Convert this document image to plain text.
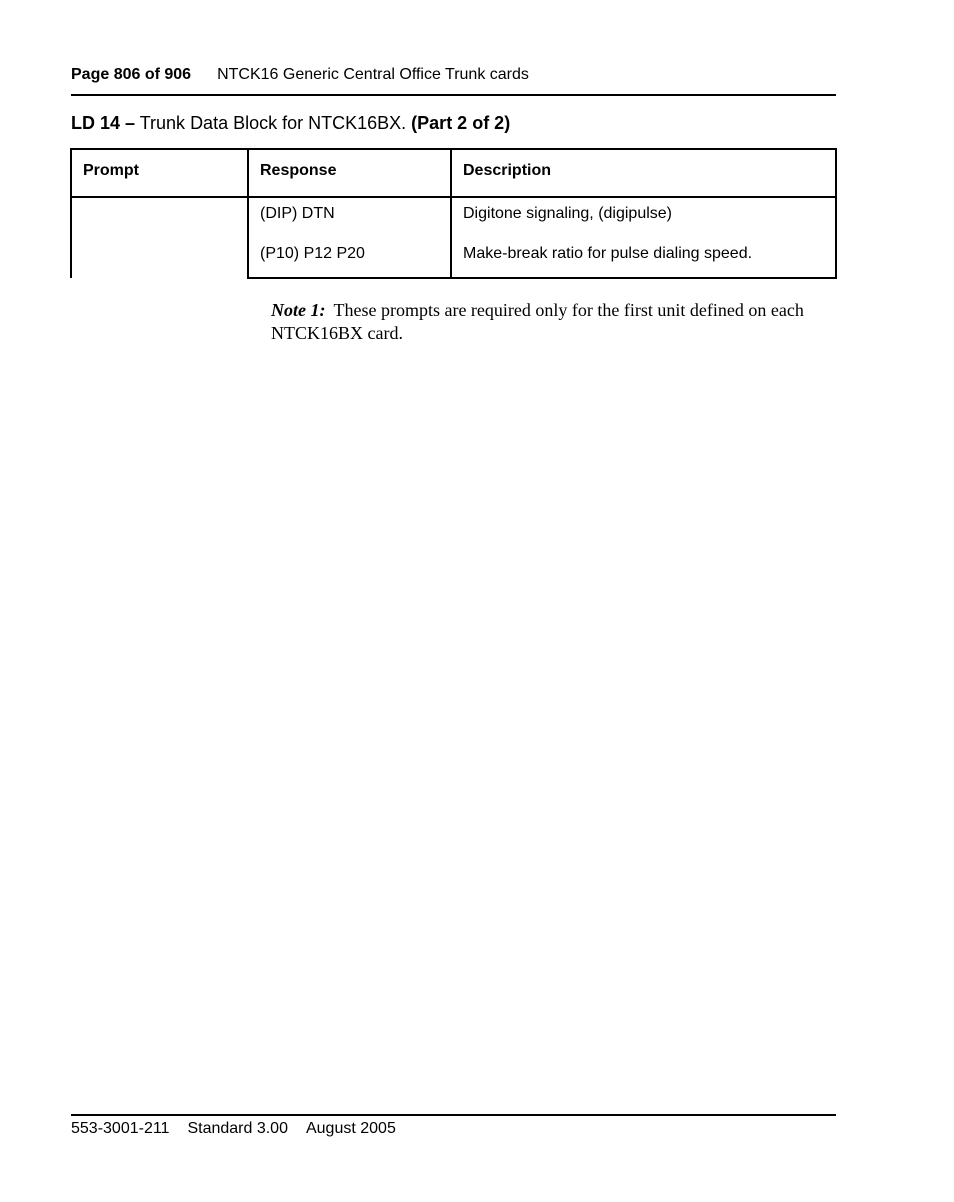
Page 806 of 906 NTCK16 Generic Central Office Trunk cards
LD 14 – Trunk Data Block for NTCK16BX. (Part 2 of 2)
Prompt	Response	Description
	(DIP) DTN	Digitone signaling, (digipulse)
	(P10) P12 P20	Make-break ratio for pulse dialing speed.
Note 1: These prompts are required only for the first unit defined on each NTCK16BX card.
553-3001-211 Standard 3.00 August 2005
